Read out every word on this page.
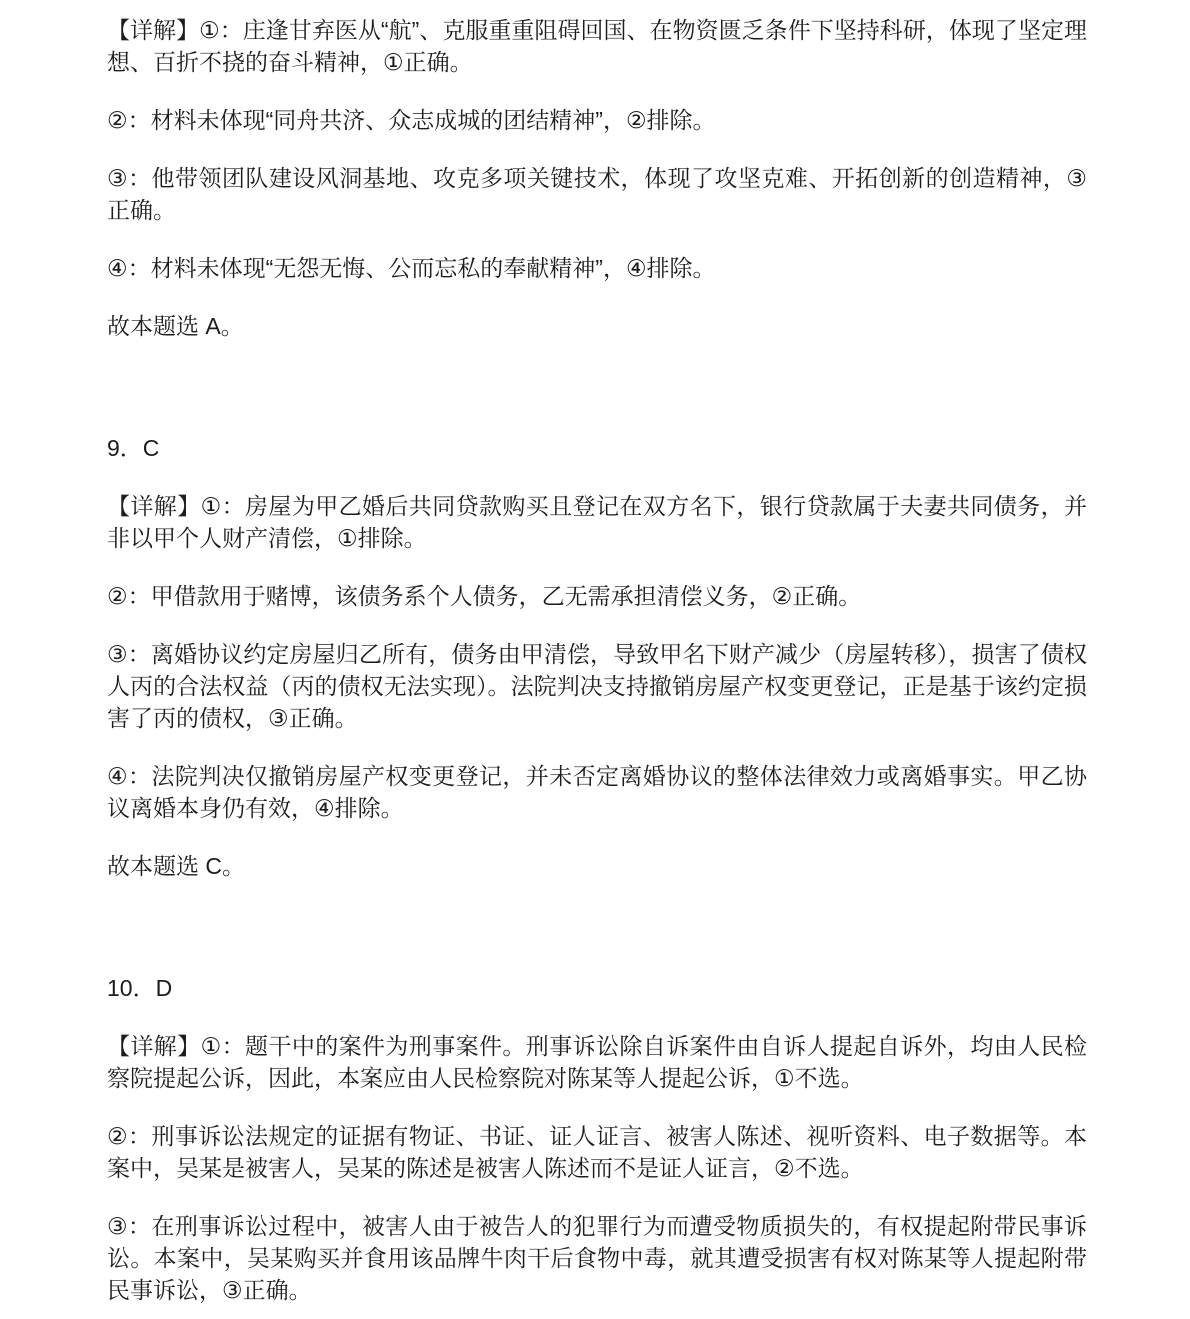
【详解】①：庄逢甘弃医从“航”、克服重重阻碍回国、在物资匮乏条件下坚持科研，体现了坚定理想、百折不挠的奋斗精神，①正确。

②：材料未体现“同舟共济、众志成城的团结精神”，②排除。

③：他带领团队建设风洞基地、攻克多项关键技术，体现了攻坚克难、开拓创新的创造精神，③正确。

④：材料未体现“无怨无悔、公而忘私的奉献精神”，④排除。

故本题选 A。

9．C

【详解】①：房屋为甲乙婚后共同贷款购买且登记在双方名下，银行贷款属于夫妻共同债务，并非以甲个人财产清偿，①排除。

②：甲借款用于赌博，该债务系个人债务，乙无需承担清偿义务，②正确。

③：离婚协议约定房屋归乙所有，债务由甲清偿，导致甲名下财产减少（房屋转移），损害了债权人丙的合法权益（丙的债权无法实现）。法院判决支持撤销房屋产权变更登记，正是基于该约定损害了丙的债权，③正确。

④：法院判决仅撤销房屋产权变更登记，并未否定离婚协议的整体法律效力或离婚事实。甲乙协议离婚本身仍有效，④排除。

故本题选 C。

10．D

【详解】①：题干中的案件为刑事案件。刑事诉讼除自诉案件由自诉人提起自诉外，均由人民检察院提起公诉，因此，本案应由人民检察院对陈某等人提起公诉，①不选。

②：刑事诉讼法规定的证据有物证、书证、证人证言、被害人陈述、视听资料、电子数据等。本案中，吴某是被害人，吴某的陈述是被害人陈述而不是证人证言，②不选。

③：在刑事诉讼过程中，被害人由于被告人的犯罪行为而遭受物质损失的，有权提起附带民事诉讼。本案中，吴某购买并食用该品牌牛肉干后食物中毒，就其遭受损害有权对陈某等人提起附带民事诉讼，③正确。
